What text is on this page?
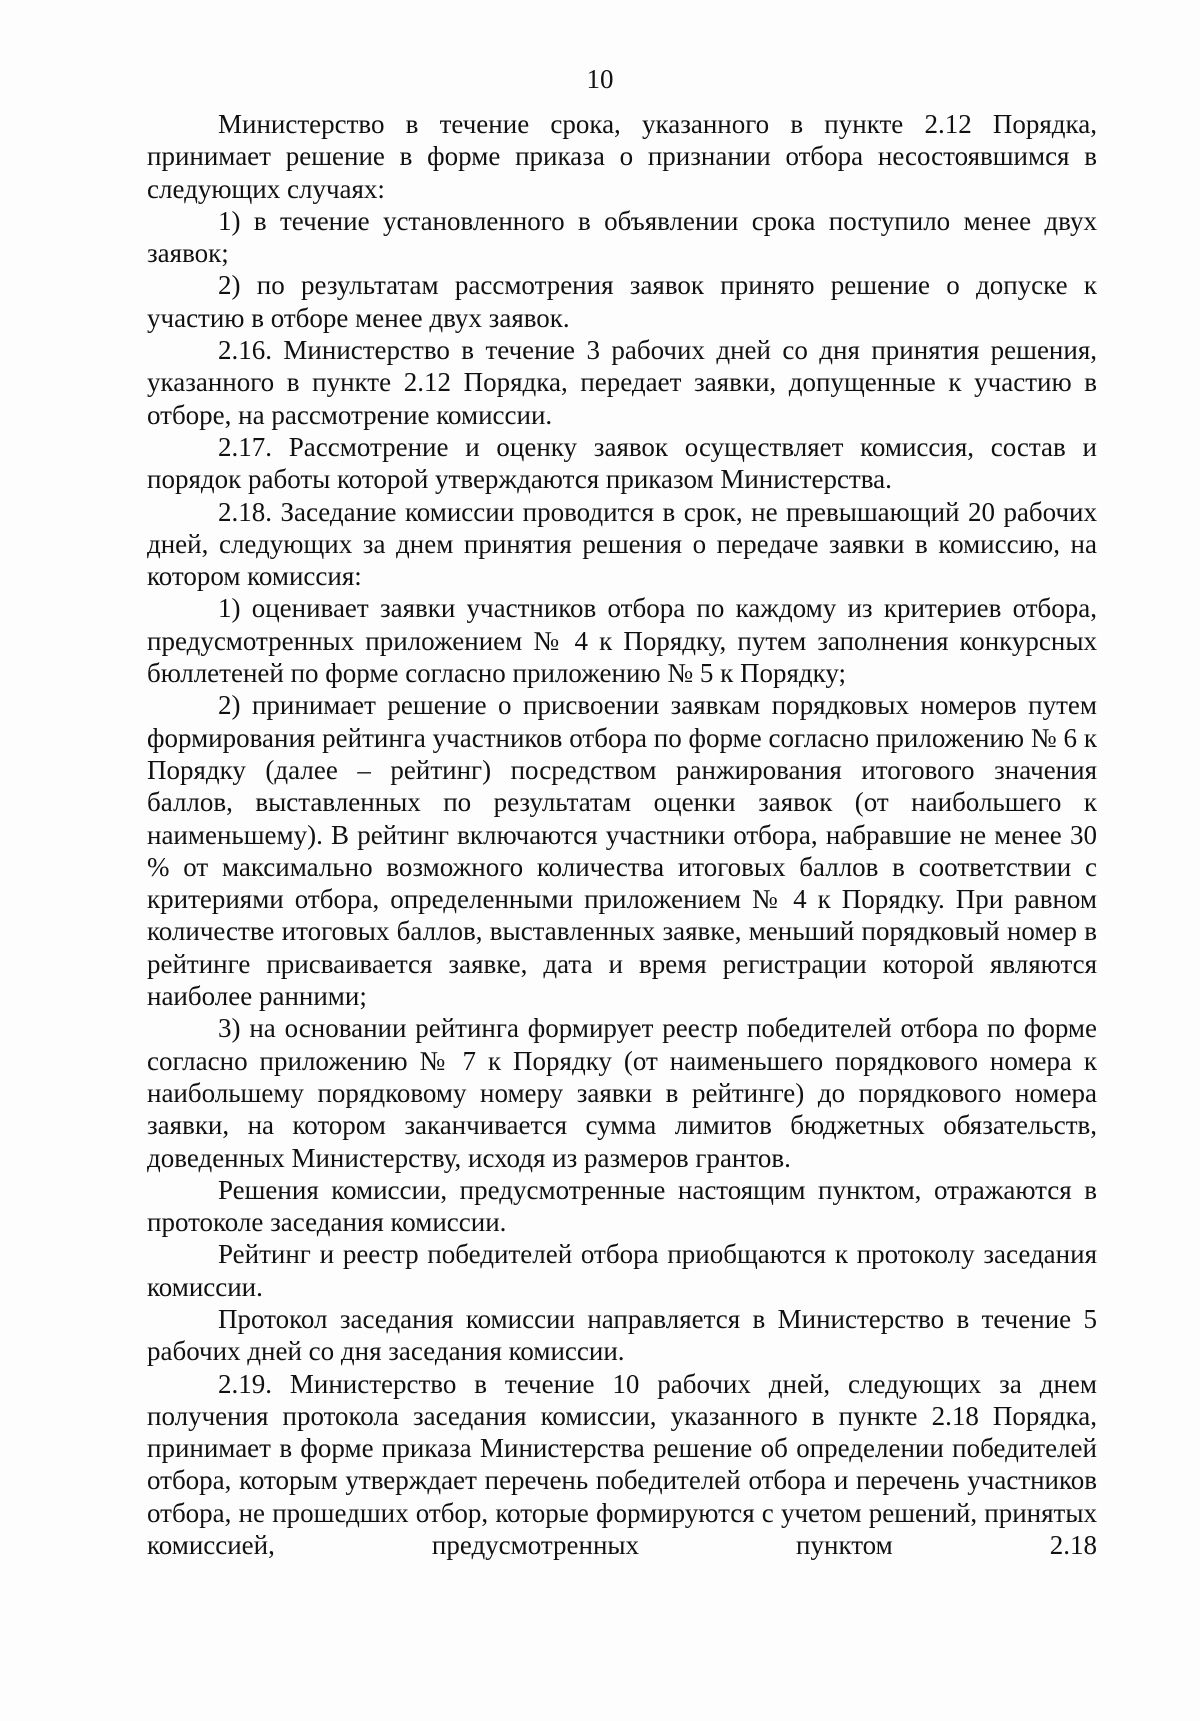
10

Министерство в течение срока, указанного в пункте 2.12 Порядка, принимает решение в форме приказа о признании отбора несостоявшимся в следующих случаях:

1) в течение установленного в объявлении срока поступило менее двух заявок;

2) по результатам рассмотрения заявок принято решение о допуске к участию в отборе менее двух заявок.

2.16. Министерство в течение 3 рабочих дней со дня принятия решения, указанного в пункте 2.12 Порядка, передает заявки, допущенные к участию в отборе, на рассмотрение комиссии.

2.17. Рассмотрение и оценку заявок осуществляет комиссия, состав и порядок работы которой утверждаются приказом Министерства.

2.18. Заседание комиссии проводится в срок, не превышающий 20 рабочих дней, следующих за днем принятия решения о передаче заявки в комиссию, на котором комиссия:

1) оценивает заявки участников отбора по каждому из критериев отбора, предусмотренных приложением № 4 к Порядку, путем заполнения конкурсных бюллетеней по форме согласно приложению № 5 к Порядку;

2) принимает решение о присвоении заявкам порядковых номеров путем формирования рейтинга участников отбора по форме согласно приложению № 6 к Порядку (далее – рейтинг) посредством ранжирования итогового значения баллов, выставленных по результатам оценки заявок (от наибольшего к наименьшему). В рейтинг включаются участники отбора, набравшие не менее 30 % от максимально возможного количества итоговых баллов в соответствии с критериями отбора, определенными приложением № 4 к Порядку. При равном количестве итоговых баллов, выставленных заявке, меньший порядковый номер в рейтинге присваивается заявке, дата и время регистрации которой являются наиболее ранними;

3) на основании рейтинга формирует реестр победителей отбора по форме согласно приложению № 7 к Порядку (от наименьшего порядкового номера к наибольшему порядковому номеру заявки в рейтинге) до порядкового номера заявки, на котором заканчивается сумма лимитов бюджетных обязательств, доведенных Министерству, исходя из размеров грантов.

Решения комиссии, предусмотренные настоящим пунктом, отражаются в протоколе заседания комиссии.

Рейтинг и реестр победителей отбора приобщаются к протоколу заседания комиссии.

Протокол заседания комиссии направляется в Министерство в течение 5 рабочих дней со дня заседания комиссии.

2.19. Министерство в течение 10 рабочих дней, следующих за днем получения протокола заседания комиссии, указанного в пункте 2.18 Порядка, принимает в форме приказа Министерства решение об определении победителей отбора, которым утверждает перечень победителей отбора и перечень участников отбора, не прошедших отбор, которые формируются с учетом решений, принятых комиссией, предусмотренных пунктом 2.18
